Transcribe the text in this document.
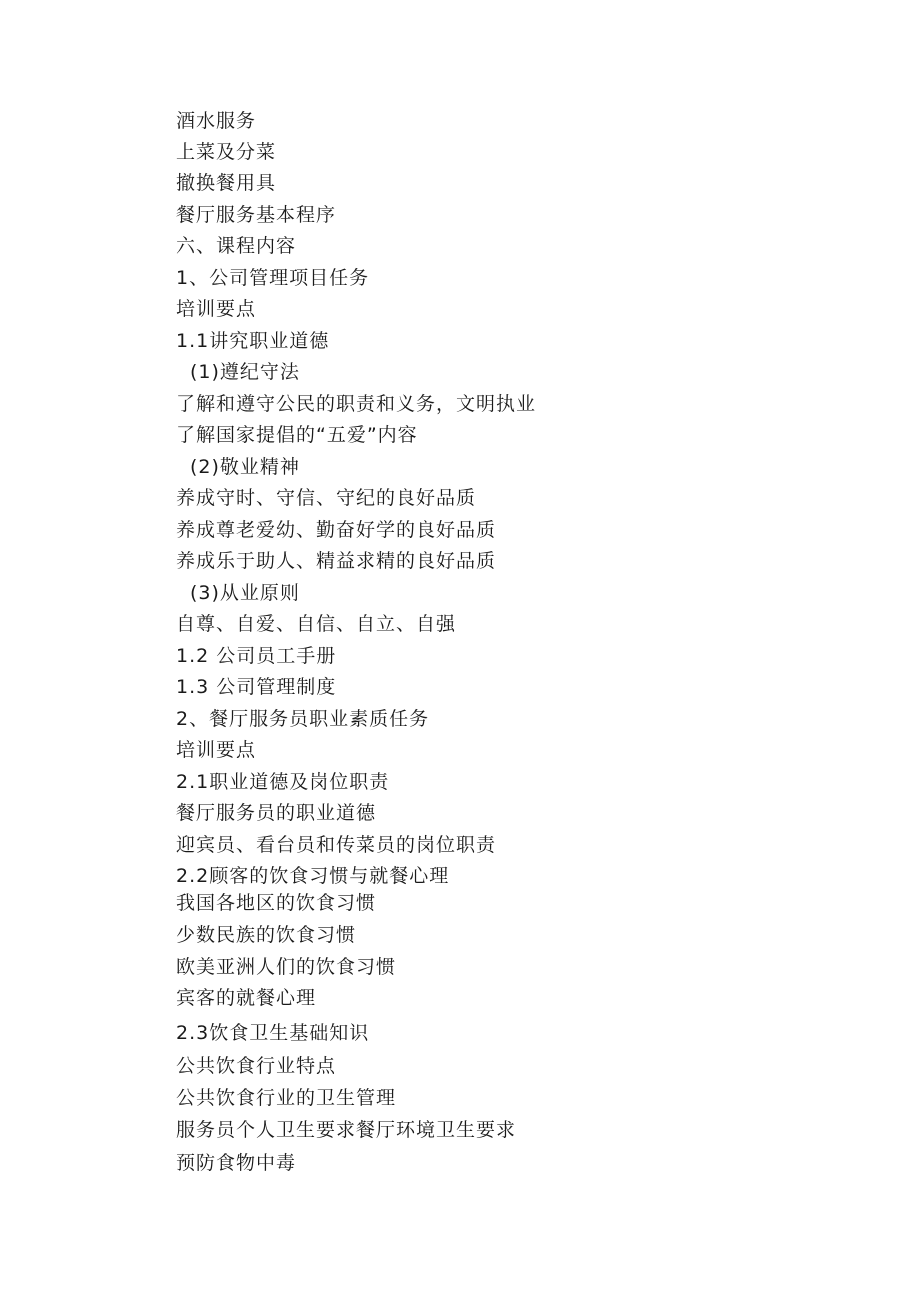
酒水服务
上菜及分菜
撤换餐用具
餐厅服务基本程序
六、课程内容
1、公司管理项目任务
培训要点
1.1讲究职业道德
(1)遵纪守法
了解和遵守公民的职责和义务，文明执业
了解国家提倡的“五爱”内容
(2)敬业精神
养成守时、守信、守纪的良好品质
养成尊老爱幼、勤奋好学的良好品质
养成乐于助人、精益求精的良好品质
(3)从业原则
自尊、自爱、自信、自立、自强
1.2 公司员工手册
1.3 公司管理制度
2、餐厅服务员职业素质任务
培训要点
2.1职业道德及岗位职责
餐厅服务员的职业道德
迎宾员、看台员和传菜员的岗位职责
2.2顾客的饮食习惯与就餐心理
我国各地区的饮食习惯
少数民族的饮食习惯
欧美亚洲人们的饮食习惯
宾客的就餐心理
2.3饮食卫生基础知识
公共饮食行业特点
公共饮食行业的卫生管理
服务员个人卫生要求餐厅环境卫生要求
预防食物中毒
